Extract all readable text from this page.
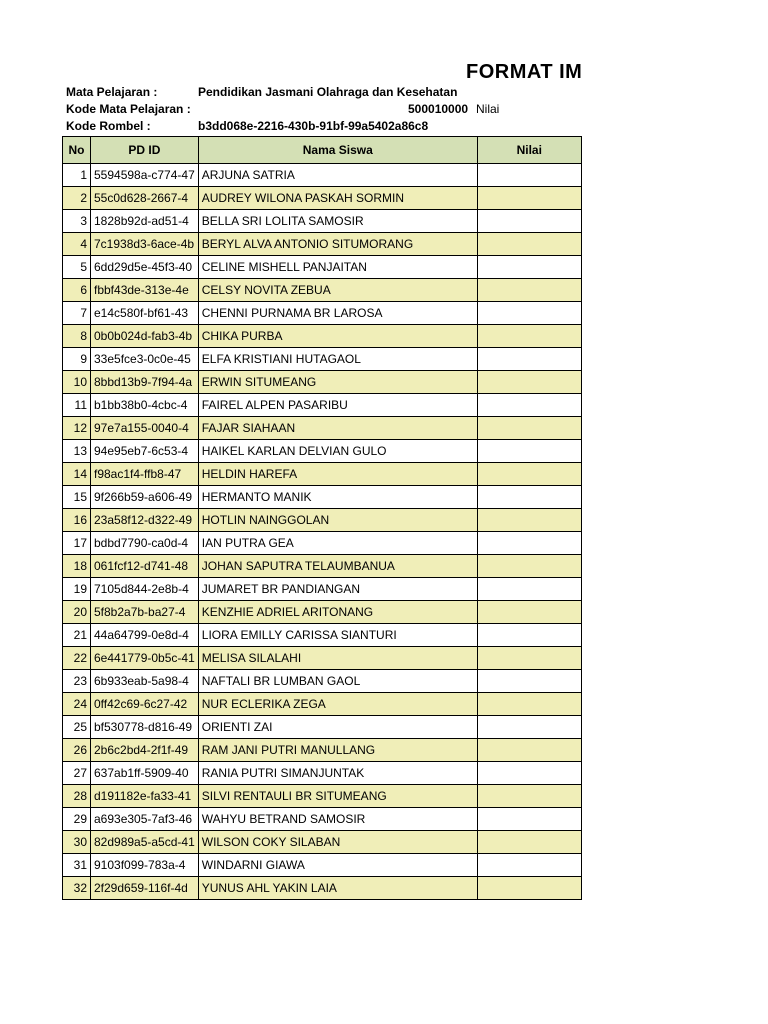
FORMAT IM
Mata Pelajaran :	Pendidikan Jasmani Olahraga dan Kesehatan
Kode Mata Pelajaran :	500010000 Nilai
Kode Rombel :	b3dd068e-2216-430b-91bf-99a5402a86c8
No	PD ID	Nama Siswa	Nilai
1	5594598a-c774-47	ARJUNA SATRIA	
2	55c0d628-2667-4	AUDREY WILONA PASKAH SORMIN	
3	1828b92d-ad51-4	BELLA SRI LOLITA SAMOSIR	
4	7c1938d3-6ace-4b	BERYL ALVA ANTONIO SITUMORANG	
5	6dd29d5e-45f3-40	CELINE MISHELL PANJAITAN	
6	fbbf43de-313e-4e	CELSY NOVITA ZEBUA	
7	e14c580f-bf61-43	CHENNI PURNAMA BR LAROSA	
8	0b0b024d-fab3-4b	CHIKA PURBA	
9	33e5fce3-0c0e-45	ELFA KRISTIANI HUTAGAOL	
10	8bbd13b9-7f94-4a	ERWIN SITUMEANG	
11	b1bb38b0-4cbc-4	FAIREL ALPEN PASARIBU	
12	97e7a155-0040-4	FAJAR SIAHAAN	
13	94e95eb7-6c53-4	HAIKEL KARLAN DELVIAN GULO	
14	f98ac1f4-ffb8-47	HELDIN HAREFA	
15	9f266b59-a606-49	HERMANTO MANIK	
16	23a58f12-d322-49	HOTLIN NAINGGOLAN	
17	bdbd7790-ca0d-4	IAN PUTRA GEA	
18	061fcf12-d741-48	JOHAN SAPUTRA TELAUMBANUA	
19	7105d844-2e8b-4	JUMARET BR PANDIANGAN	
20	5f8b2a7b-ba27-4	KENZHIE ADRIEL ARITONANG	
21	44a64799-0e8d-4	LIORA EMILLY CARISSA SIANTURI	
22	6e441779-0b5c-41	MELISA SILALAHI	
23	6b933eab-5a98-4	NAFTALI BR LUMBAN GAOL	
24	0ff42c69-6c27-42	NUR ECLERIKA ZEGA	
25	bf530778-d816-49	ORIENTI ZAI	
26	2b6c2bd4-2f1f-49	RAM JANI PUTRI MANULLANG	
27	637ab1ff-5909-40	RANIA PUTRI SIMANJUNTAK	
28	d191182e-fa33-41	SILVI RENTAULI BR SITUMEANG	
29	a693e305-7af3-46	WAHYU BETRAND SAMOSIR	
30	82d989a5-a5cd-41	WILSON COKY SILABAN	
31	9103f099-783a-4	WINDARNI GIAWA	
32	2f29d659-116f-4d	YUNUS AHL YAKIN LAIA	
